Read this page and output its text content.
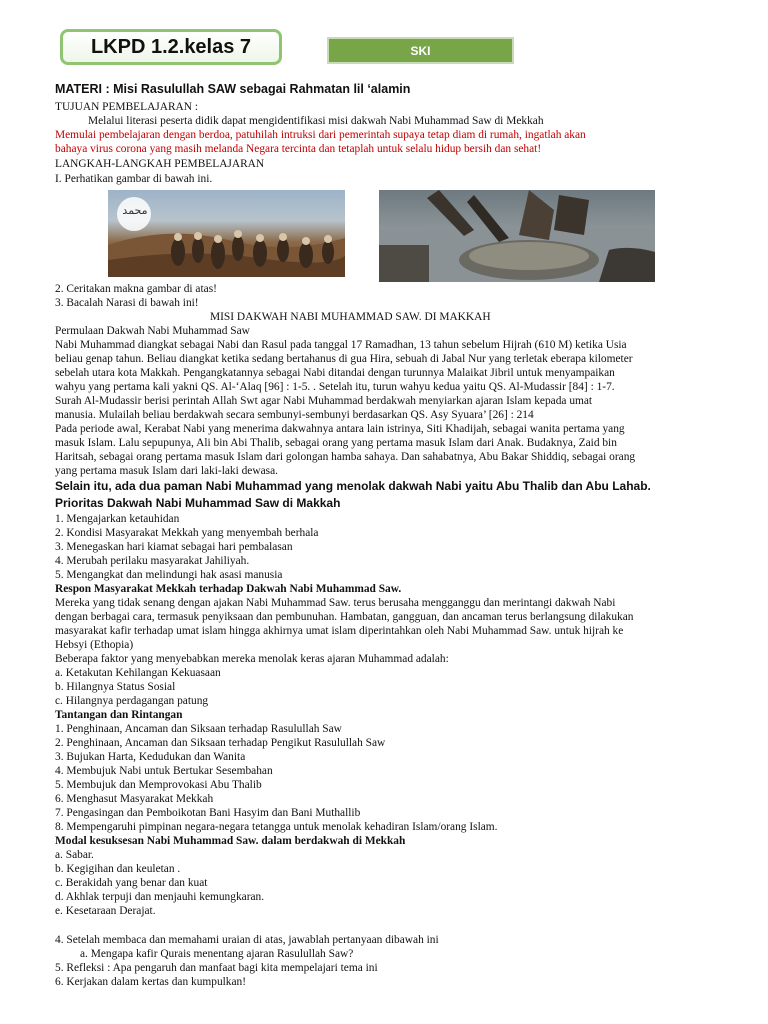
LKPD 1.2.kelas 7	SKI
MATERI : Misi Rasulullah SAW sebagai Rahmatan lil ‘alamin
TUJUAN PEMBELAJARAN :
Melalui literasi peserta didik dapat mengidentifikasi misi dakwah Nabi Muhammad Saw di Mekkah
Memulai pembelajaran dengan berdoa, patuhilah intruksi dari pemerintah supaya tetap diam di rumah, ingatlah akan
bahaya virus corona yang masih melanda Negara tercinta dan tetaplah untuk selalu hidup bersih dan sehat!
LANGKAH-LANGKAH PEMBELAJARAN
I. Perhatikan gambar di bawah ini.
محمد
2. Ceritakan makna gambar di atas!
3. Bacalah Narasi di bawah ini!
MISI DAKWAH NABI MUHAMMAD SAW. DI MAKKAH
Permulaan Dakwah Nabi Muhammad Saw
Nabi Muhammad diangkat sebagai Nabi dan Rasul pada tanggal 17 Ramadhan, 13 tahun sebelum Hijrah (610 M) ketika Usia
beliau genap tahun. Beliau diangkat ketika sedang bertahanus di gua Hira, sebuah di Jabal Nur yang terletak eberapa kilometer
sebelah utara kota Makkah. Pengangkatannya sebagai Nabi ditandai dengan turunnya Malaikat Jibril untuk menyampaikan
wahyu yang pertama kali yakni QS. Al-‘Alaq [96] : 1-5. . Setelah itu, turun wahyu kedua yaitu QS. Al-Mudassir [84] : 1-7.
Surah Al-Mudassir berisi perintah Allah Swt agar Nabi Muhammad berdakwah menyiarkan ajaran Islam kepada umat
manusia. Mulailah beliau berdakwah secara sembunyi-sembunyi berdasarkan QS. Asy Syuara’ [26] : 214
Pada periode awal, Kerabat Nabi yang menerima dakwahnya antara lain istrinya, Siti Khadijah, sebagai wanita pertama yang
masuk Islam. Lalu sepupunya, Ali bin Abi Thalib, sebagai orang yang pertama masuk Islam dari Anak. Budaknya, Zaid bin
Haritsah, sebagai orang pertama masuk Islam dari golongan hamba sahaya. Dan sahabatnya, Abu Bakar Shiddiq, sebagai orang
yang pertama masuk Islam dari laki-laki dewasa.
Selain itu, ada dua paman Nabi Muhammad yang menolak dakwah Nabi yaitu Abu Thalib dan Abu Lahab.
Prioritas Dakwah Nabi Muhammad Saw di Makkah
1. Mengajarkan ketauhidan
2. Kondisi Masyarakat Mekkah yang menyembah berhala
3. Menegaskan hari kiamat sebagai hari pembalasan
4. Merubah perilaku masyarakat Jahiliyah.
5. Mengangkat dan melindungi hak asasi manusia
Respon Masyarakat Mekkah terhadap Dakwah Nabi Muhammad Saw.
Mereka yang tidak senang dengan ajakan Nabi Muhammad Saw. terus berusaha mengganggu dan merintangi dakwah Nabi
dengan berbagai cara, termasuk penyiksaan dan pembunuhan. Hambatan, gangguan, dan ancaman terus berlangsung dilakukan
masyarakat kafir terhadap umat islam hingga akhirnya umat islam diperintahkan oleh Nabi Muhammad Saw. untuk hijrah ke
Hebsyi (Ethopia)
Beberapa faktor yang menyebabkan mereka menolak keras ajaran Muhammad adalah:
a. Ketakutan Kehilangan Kekuasaan
b. Hilangnya Status Sosial
c. Hilangnya perdagangan patung
Tantangan dan Rintangan
1. Penghinaan, Ancaman dan Siksaan terhadap Rasulullah Saw
2. Penghinaan, Ancaman dan Siksaan terhadap Pengikut Rasulullah Saw
3. Bujukan Harta, Kedudukan dan Wanita
4. Membujuk Nabi untuk Bertukar Sesembahan
5. Membujuk dan Memprovokasi Abu Thalib
6. Menghasut Masyarakat Mekkah
7. Pengasingan dan Pemboikotan Bani Hasyim dan Bani Muthallib
8. Mempengaruhi pimpinan negara-negara tetangga untuk menolak kehadiran Islam/orang Islam.
Modal kesuksesan Nabi Muhammad Saw. dalam berdakwah di Mekkah
a. Sabar.
b. Kegigihan dan keuletan .
c. Berakidah yang benar dan kuat
d. Akhlak terpuji dan menjauhi kemungkaran.
e. Kesetaraan Derajat.
4. Setelah membaca dan memahami uraian di atas, jawablah pertanyaan dibawah ini
a. Mengapa kafir Qurais menentang ajaran Rasulullah Saw?
5. Refleksi : Apa pengaruh dan manfaat bagi kita mempelajari tema ini
6. Kerjakan dalam kertas dan kumpulkan!
